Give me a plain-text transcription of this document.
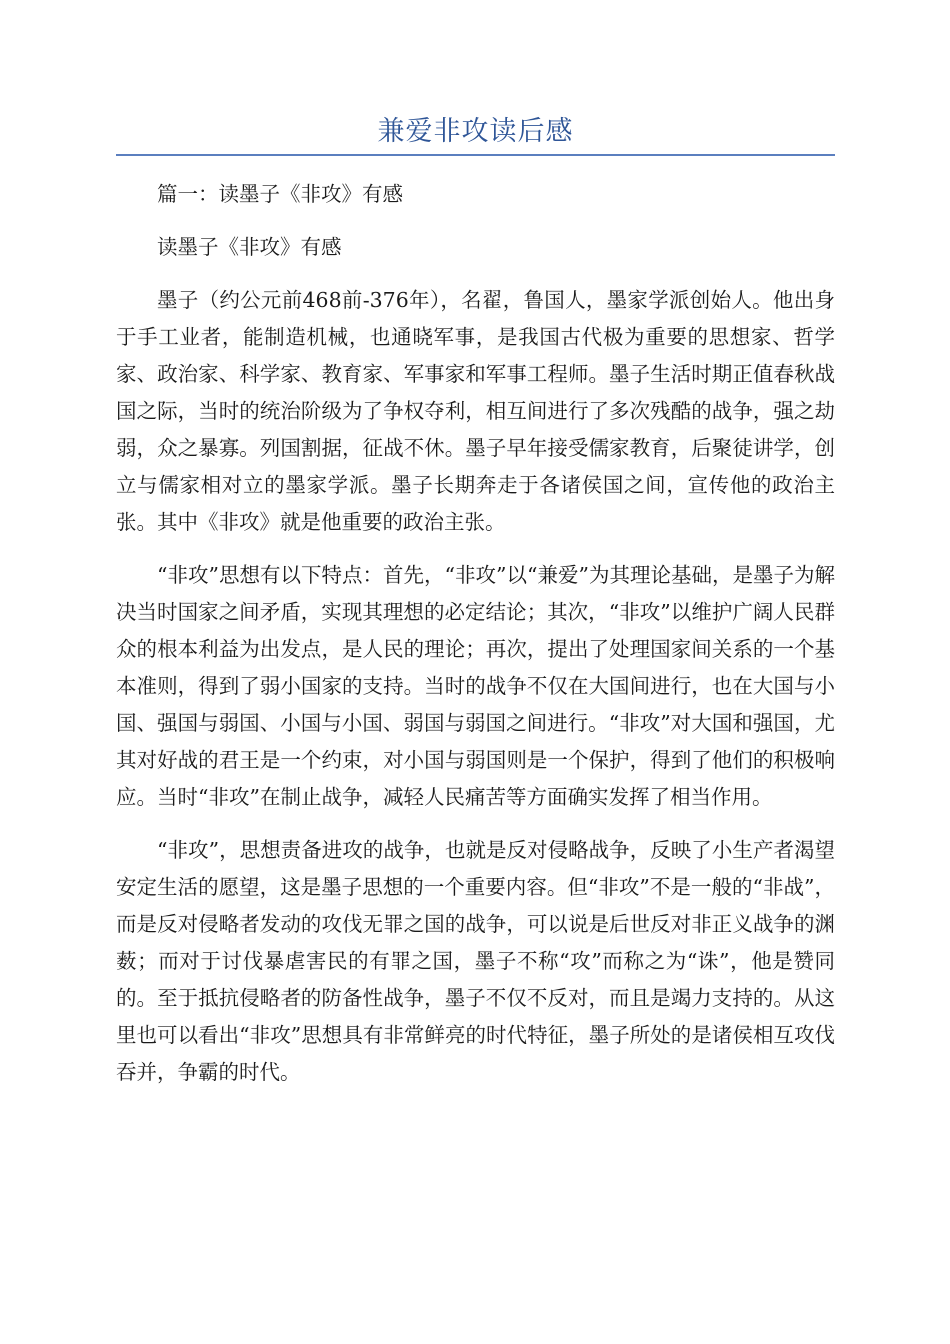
兼爱非攻读后感

篇一：读墨子《非攻》有感

读墨子《非攻》有感

墨子（约公元前468前-376年），名翟，鲁国人，墨家学派创始人。他出身于手工业者，能制造机械，也通晓军事，是我国古代极为重要的思想家、哲学家、政治家、科学家、教育家、军事家和军事工程师。墨子生活时期正值春秋战国之际，当时的统治阶级为了争权夺利，相互间进行了多次残酷的战争，强之劫弱，众之暴寡。列国割据，征战不休。墨子早年接受儒家教育，后聚徒讲学，创立与儒家相对立的墨家学派。墨子长期奔走于各诸侯国之间，宣传他的政治主张。其中《非攻》就是他重要的政治主张。

“非攻”思想有以下特点：首先，“非攻”以“兼爱”为其理论基础，是墨子为解决当时国家之间矛盾，实现其理想的必定结论；其次，“非攻”以维护广阔人民群众的根本利益为出发点，是人民的理论；再次，提出了处理国家间关系的一个基本准则，得到了弱小国家的支持。当时的战争不仅在大国间进行，也在大国与小国、强国与弱国、小国与小国、弱国与弱国之间进行。“非攻”对大国和强国，尤其对好战的君王是一个约束，对小国与弱国则是一个保护，得到了他们的积极响应。当时“非攻”在制止战争，减轻人民痛苦等方面确实发挥了相当作用。

“非攻”，思想责备进攻的战争，也就是反对侵略战争，反映了小生产者渴望安定生活的愿望，这是墨子思想的一个重要内容。但“非攻”不是一般的“非战”，而是反对侵略者发动的攻伐无罪之国的战争，可以说是后世反对非正义战争的渊薮；而对于讨伐暴虐害民的有罪之国，墨子不称“攻”而称之为“诛”，他是赞同的。至于抵抗侵略者的防备性战争，墨子不仅不反对，而且是竭力支持的。从这里也可以看出“非攻”思想具有非常鲜亮的时代特征，墨子所处的是诸侯相互攻伐吞并，争霸的时代。
